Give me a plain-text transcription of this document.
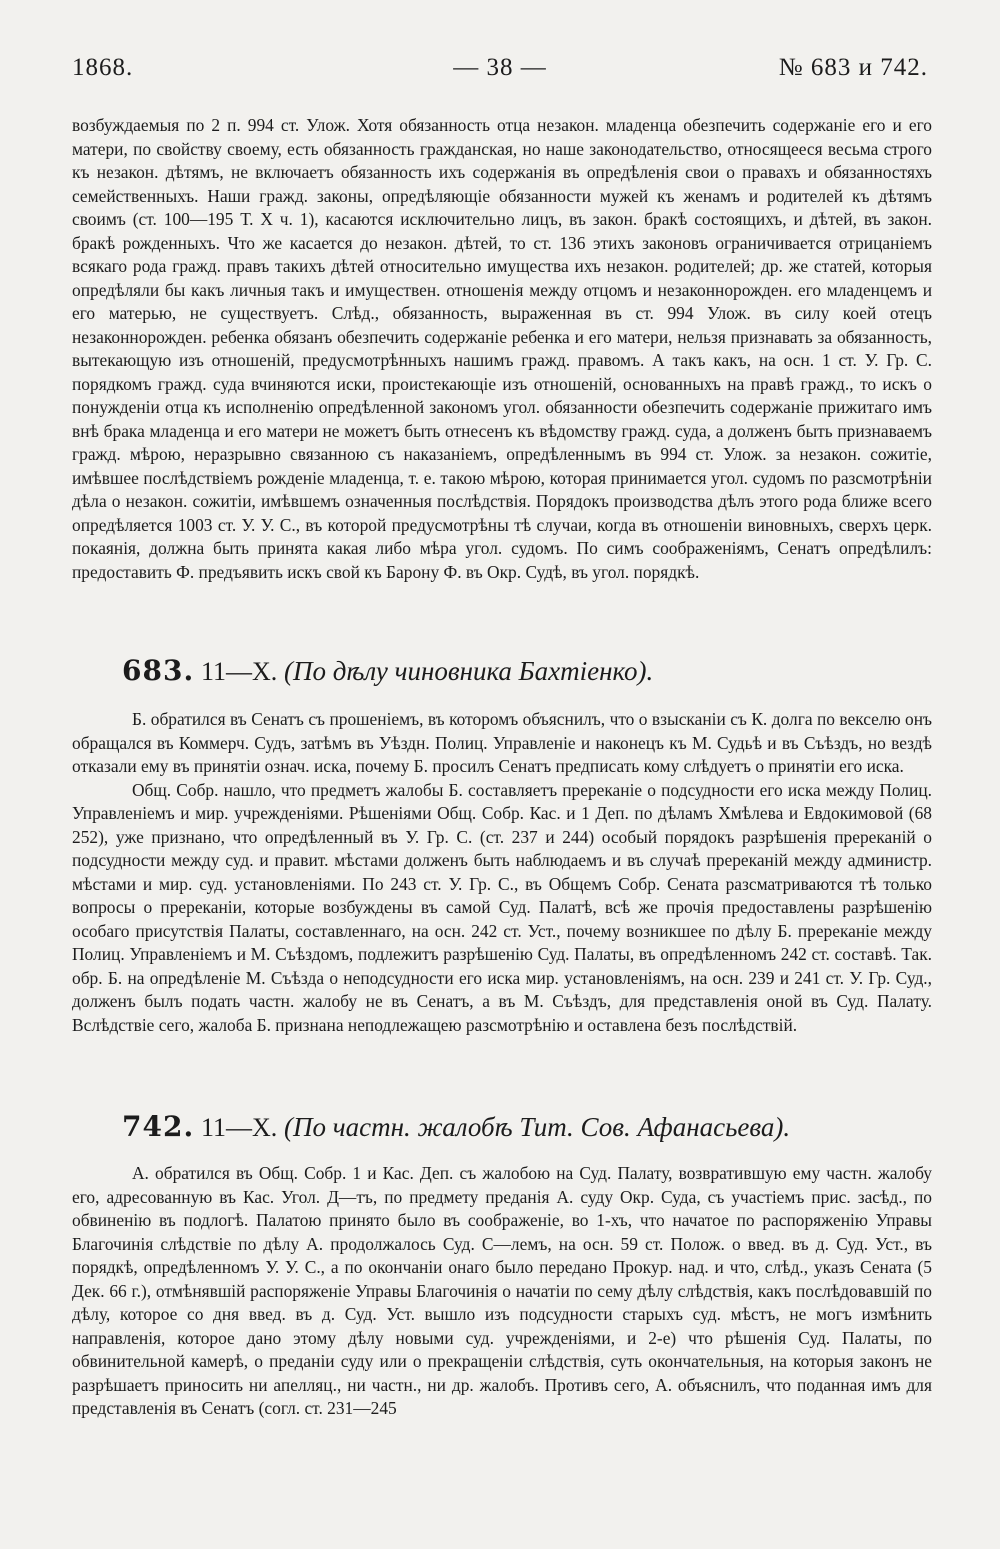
1868.	— 38 —	№ 683 и 742.

возбуждаемыя по 2 п. 994 ст. Улож. Хотя обязанность отца незакон. младенца обезпечить содержаніе его и его матери, по свойству своему, есть обязанность гражданская, но наше законодательство, относящееся весьма строго къ незакон. дѣтямъ, не включаетъ обязанность ихъ содержанія въ опредѣленія свои о правахъ и обязанностяхъ семейственныхъ. Наши гражд. законы, опредѣляющіе обязанности мужей къ женамъ и родителей къ дѣтямъ своимъ (ст. 100—195 Т. Х ч. 1), касаются исключительно лицъ, въ закон. бракѣ состоящихъ, и дѣтей, въ закон. бракѣ рожденныхъ. Что же касается до незакон. дѣтей, то ст. 136 этихъ законовъ ограничивается отрицаніемъ всякаго рода гражд. правъ такихъ дѣтей относительно имущества ихъ незакон. родителей; др. же статей, которыя опредѣляли бы какъ личныя такъ и имуществен. отношенія между отцомъ и незаконнорожден. его младенцемъ и его матерью, не существуетъ. Слѣд., обязанность, выраженная въ ст. 994 Улож. въ силу коей отецъ незаконнорожден. ребенка обязанъ обезпечить содержаніе ребенка и его матери, нельзя признавать за обязанность, вытекающую изъ отношеній, предусмотрѣнныхъ нашимъ гражд. правомъ. А такъ какъ, на осн. 1 ст. У. Гр. С. порядкомъ гражд. суда вчиняются иски, проистекающіе изъ отношеній, основанныхъ на правѣ гражд., то искъ о понужденіи отца къ исполненію опредѣленной закономъ угол. обязанности обезпечить содержаніе прижитаго имъ внѣ брака младенца и его матери не можетъ быть отнесенъ къ вѣдомству гражд. суда, а долженъ быть признаваемъ гражд. мѣрою, неразрывно связанною съ наказаніемъ, опредѣленнымъ въ 994 ст. Улож. за незакон. сожитіе, имѣвшее послѣдствіемъ рожденіе младенца, т. е. такою мѣрою, которая принимается угол. судомъ по разсмотрѣніи дѣла о незакон. сожитіи, имѣвшемъ означенныя послѣдствія. Порядокъ производства дѣлъ этого рода ближе всего опредѣляется 1003 ст. У. У. С., въ которой предусмотрѣны тѣ случаи, когда въ отношеніи виновныхъ, сверхъ церк. покаянія, должна быть принята какая либо мѣра угол. судомъ. По симъ соображеніямъ, Сенатъ опредѣлилъ: предоставить Ф. предъявить искъ свой къ Барону Ф. въ Окр. Судѣ, въ угол. порядкѣ.

683. 11—X. (По дѣлу чиновника Бахтіенко).

Б. обратился въ Сенатъ съ прошеніемъ, въ которомъ объяснилъ, что о взысканіи съ К. долга по векселю онъ обращался въ Коммерч. Судъ, затѣмъ въ Уѣздн. Полиц. Управленіе и наконецъ къ М. Судьѣ и въ Съѣздъ, но вездѣ отказали ему въ принятіи означ. иска, почему Б. просилъ Сенатъ предписать кому слѣдуетъ о принятіи его иска.

Общ. Собр. нашло, что предметъ жалобы Б. составляетъ пререканіе о подсудности его иска между Полиц. Управленіемъ и мир. учрежденіями. Рѣшеніями Общ. Собр. Кас. и 1 Деп. по дѣламъ Хмѣлева и Евдокимовой (68 252), уже признано, что опредѣленный въ У. Гр. С. (ст. 237 и 244) особый порядокъ разрѣшенія пререканій о подсудности между суд. и правит. мѣстами долженъ быть наблюдаемъ и въ случаѣ пререканій между администр. мѣстами и мир. суд. установленіями. По 243 ст. У. Гр. С., въ Общемъ Собр. Сената разсматриваются тѣ только вопросы о пререканіи, которые возбуждены въ самой Суд. Палатѣ, всѣ же прочія предоставлены разрѣшенію особаго присутствія Палаты, составленнаго, на осн. 242 ст. Уст., почему возникшее по дѣлу Б. пререканіе между Полиц. Управленіемъ и М. Съѣздомъ, подлежитъ разрѣшенію Суд. Палаты, въ опредѣленномъ 242 ст. составѣ. Так. обр. Б. на опредѣленіе М. Съѣзда о неподсудности его иска мир. установленіямъ, на осн. 239 и 241 ст. У. Гр. Суд., долженъ былъ подать частн. жалобу не въ Сенатъ, а въ М. Съѣздъ, для представленія оной въ Суд. Палату. Вслѣдствіе сего, жалоба Б. признана неподлежащею разсмотрѣнію и оставлена безъ послѣдствій.

742. 11—X. (По частн. жалобѣ Тит. Сов. Афанасьева).

А. обратился въ Общ. Собр. 1 и Кас. Деп. съ жалобою на Суд. Палату, возвратившую ему частн. жалобу его, адресованную въ Кас. Угол. Д—тъ, по предмету преданія А. суду Окр. Суда, съ участіемъ прис. засѣд., по обвиненію въ подлогѣ. Палатою принято было въ соображеніе, во 1-хъ, что начатое по распоряженію Управы Благочинія слѣдствіе по дѣлу А. продолжалось Суд. С—лемъ, на осн. 59 ст. Полож. о введ. въ д. Суд. Уст., въ порядкѣ, опредѣленномъ У. У. С., а по окончаніи онаго было передано Прокур. над. и что, слѣд., указъ Сената (5 Дек. 66 г.), отмѣнявшій распоряженіе Управы Благочинія о начатіи по сему дѣлу слѣдствія, какъ послѣдовавшій по дѣлу, которое со дня введ. въ д. Суд. Уст. вышло изъ подсудности старыхъ суд. мѣстъ, не могъ измѣнить направленія, которое дано этому дѣлу новыми суд. учрежденіями, и 2-е) что рѣшенія Суд. Палаты, по обвинительной камерѣ, о преданіи суду или о прекращеніи слѣдствія, суть окончательныя, на которыя законъ не разрѣшаетъ приносить ни апелляц., ни частн., ни др. жалобъ. Противъ сего, А. объяснилъ, что поданная имъ для представленія въ Сенатъ (согл. ст. 231—245
